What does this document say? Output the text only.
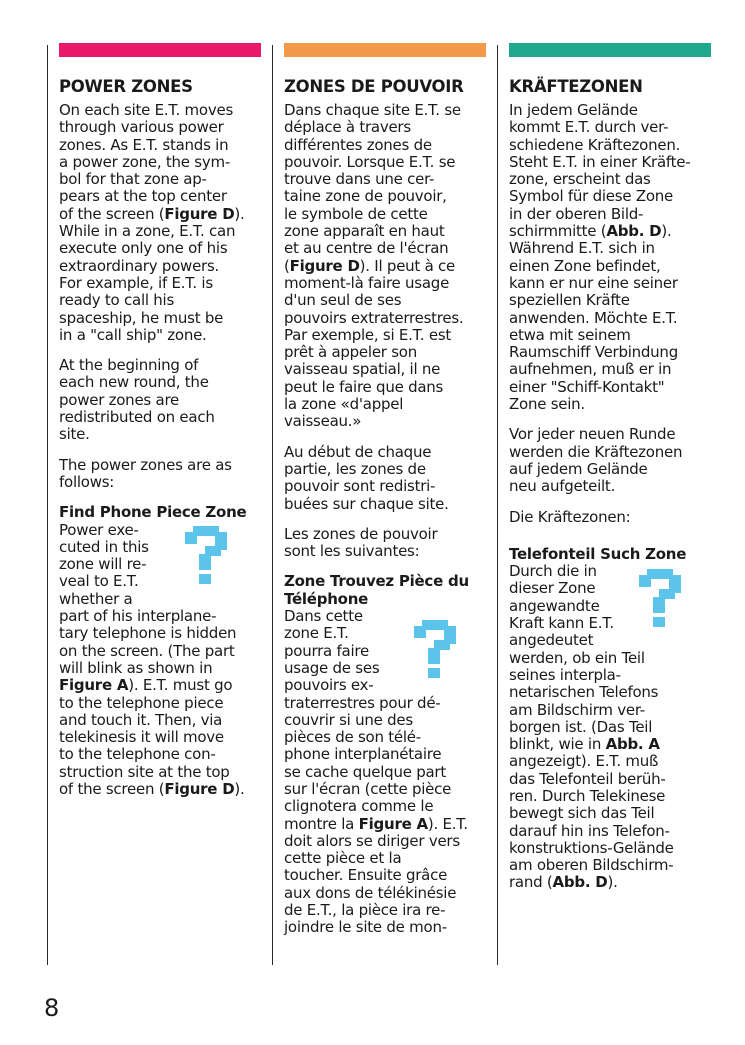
POWER ZONES
On each site E.T. moves
through various power
zones. As E.T. stands in
a power zone, the sym-
bol for that zone ap-
pears at the top center
of the screen (Figure D).
While in a zone, E.T. can
execute only one of his
extraordinary powers.
For example, if E.T. is
ready to call his
spaceship, he must be
in a "call ship" zone.
At the beginning of
each new round, the
power zones are
redistributed on each
site.
The power zones are as
follows:
Find Phone Piece Zone
Power exe-
cuted in this
zone will re-
veal to E.T.
whether a
part of his interplane-
tary telephone is hidden
on the screen. (The part
will blink as shown in
Figure A). E.T. must go
to the telephone piece
and touch it. Then, via
telekinesis it will move
to the telephone con-
struction site at the top
of the screen (Figure D).
ZONES DE POUVOIR
Dans chaque site E.T. se
déplace à travers
différentes zones de
pouvoir. Lorsque E.T. se
trouve dans une cer-
taine zone de pouvoir,
le symbole de cette
zone apparaît en haut
et au centre de l'écran
(Figure D). Il peut à ce
moment-là faire usage
d'un seul de ses
pouvoirs extraterrestres.
Par exemple, si E.T. est
prêt à appeler son
vaisseau spatial, il ne
peut le faire que dans
la zone «d'appel
vaisseau.»
Au début de chaque
partie, les zones de
pouvoir sont redistri-
buées sur chaque site.
Les zones de pouvoir
sont les suivantes:
Zone Trouvez Pièce du
Téléphone
Dans cette
zone E.T.
pourra faire
usage de ses
pouvoirs ex-
traterrestres pour dé-
couvrir si une des
pièces de son télé-
phone interplanétaire
se cache quelque part
sur l'écran (cette pièce
clignotera comme le
montre la Figure A). E.T.
doit alors se diriger vers
cette pièce et la
toucher. Ensuite grâce
aux dons de télékinésie
de E.T., la pièce ira re-
joindre le site de mon-
KRÄFTEZONEN
In jedem Gelände
kommt E.T. durch ver-
schiedene Kräftezonen.
Steht E.T. in einer Kräfte-
zone, erscheint das
Symbol für diese Zone
in der oberen Bild-
schirmmitte (Abb. D).
Während E.T. sich in
einen Zone befindet,
kann er nur eine seiner
speziellen Kräfte
anwenden. Möchte E.T.
etwa mit seinem
Raumschiff Verbindung
aufnehmen, muß er in
einer "Schiff-Kontakt"
Zone sein.
Vor jeder neuen Runde
werden die Kräftezonen
auf jedem Gelände
neu aufgeteilt.
Die Kräftezonen:
Telefonteil Such Zone
Durch die in
dieser Zone
angewandte
Kraft kann E.T.
angedeutet
werden, ob ein Teil
seines interpla-
netarischen Telefons
am Bildschirm ver-
borgen ist. (Das Teil
blinkt, wie in Abb. A
angezeigt). E.T. muß
das Telefonteil berüh-
ren. Durch Telekinese
bewegt sich das Teil
darauf hin ins Telefon-
konstruktions-Gelände
am oberen Bildschirm-
rand (Abb. D).
8
